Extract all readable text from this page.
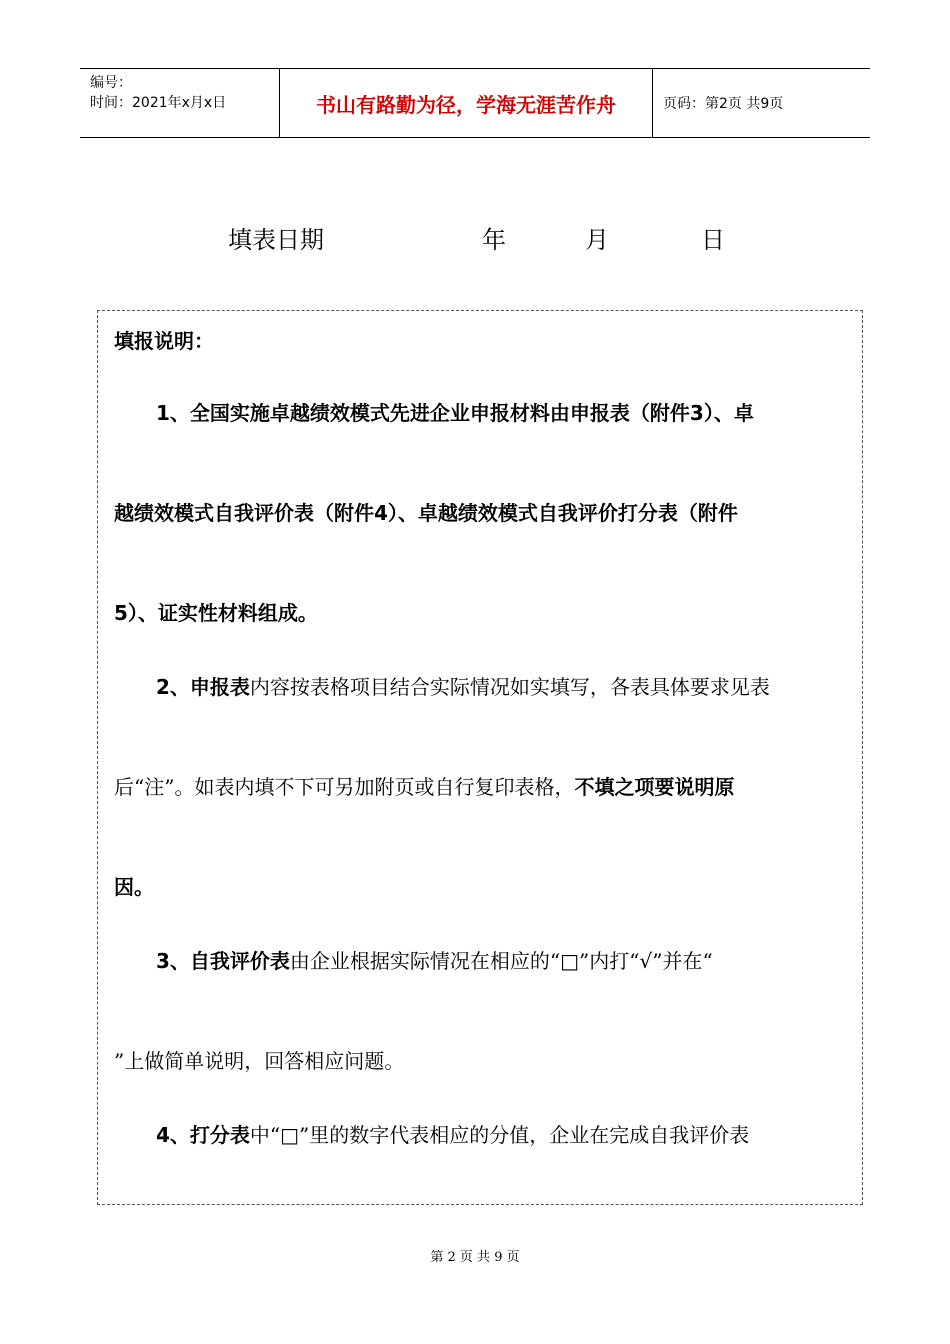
编号：
时间：2021年x月x日	书山有路勤为径，学海无涯苦作舟	页码：第2页 共9页
填表日期	年	月	日

填报说明：

1、全国实施卓越绩效模式先进企业申报材料由申报表（附件3）、卓

越绩效模式自我评价表（附件4）、卓越绩效模式自我评价打分表（附件

5）、证实性材料组成。

2、申报表内容按表格项目结合实际情况如实填写，各表具体要求见表

后“注”。如表内填不下可另加附页或自行复印表格，不填之项要说明原

因。

3、自我评价表由企业根据实际情况在相应的“□”内打“√”并在“

”上做简单说明，回答相应问题。

4、打分表中“□”里的数字代表相应的分值，企业在完成自我评价表

第 2 页 共 9 页
